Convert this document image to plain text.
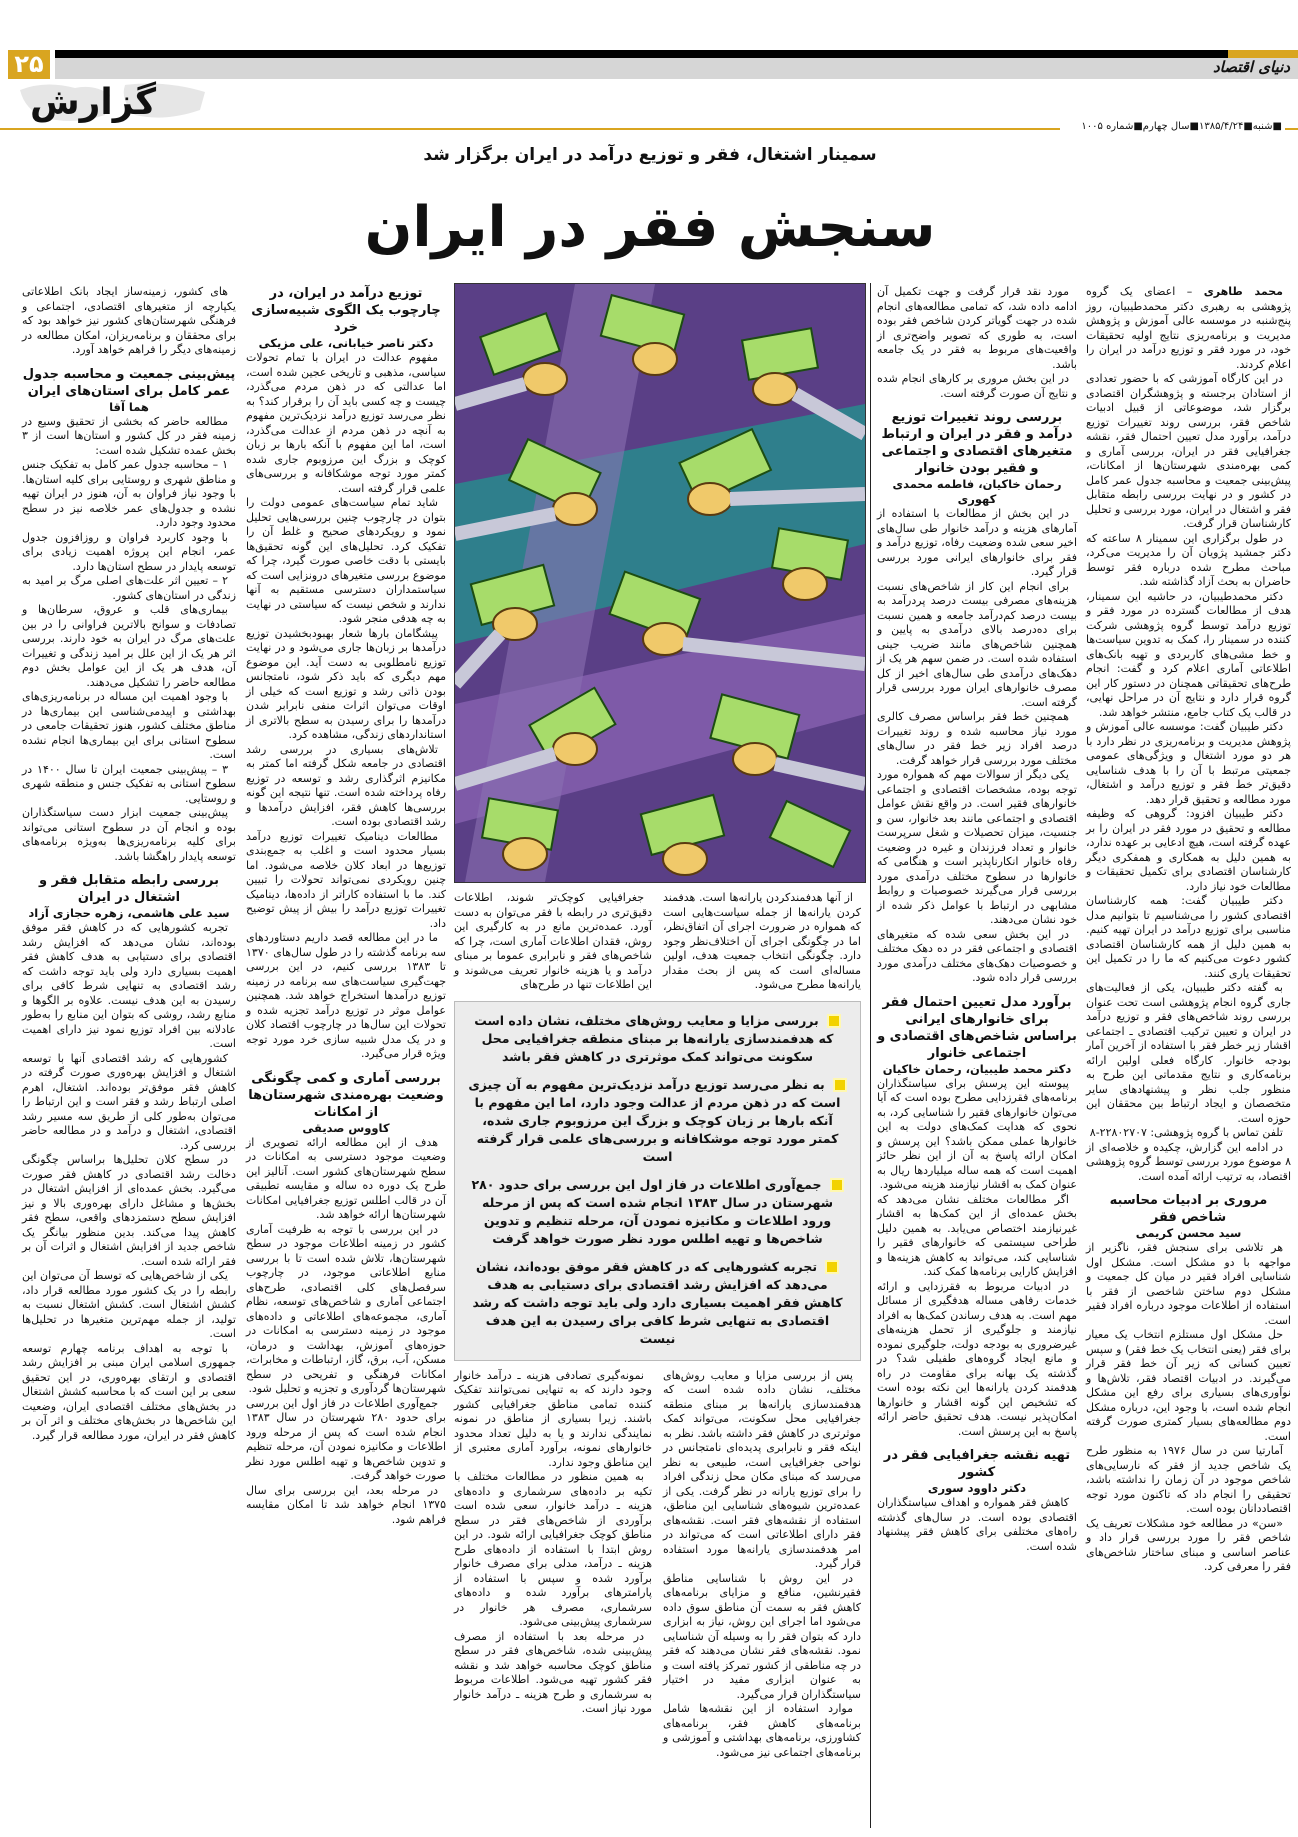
۲۵	دنیای اقتصاد
گزارش
■شنبه■۱۳۸۵/۴/۲۴■سال چهارم■شماره ۱۰۰۵
سمینار اشتغال، فقر و توزیع درآمد در ایران برگزار شد
سنجش فقر در ایران

محمد طاهری – اعضای یک گروه پژوهشی به رهبری دکتر محمدطیبیان، روز پنج‌شنبه در موسسه عالی آموزش و پژوهش مدیریت و برنامه‌ریزی نتایج اولیه تحقیقات خود، در مورد فقر و توزیع درآمد در ایران را اعلام کردند.

در این کارگاه آموزشی که با حضور تعدادی از استادان برجسته و پژوهشگران اقتصادی برگزار شد، موضوعاتی از قبیل ادبیات شاخص فقر، بررسی روند تغییرات توزیع درآمد، برآورد مدل تعیین احتمال فقر، نقشه جغرافیایی فقر در ایران، بررسی آماری و کمی بهره‌مندی شهرستان‌ها از امکانات، پیش‌بینی جمعیت و محاسبه جدول عمر کامل در کشور و در نهایت بررسی رابطه متقابل فقر و اشتغال در ایران، مورد بررسی و تحلیل کارشناسان قرار گرفت.

در طول برگزاری این سمینار ۸ ساعته که دکتر جمشید پژویان آن را مدیریت می‌کرد، مباحث مطرح شده درباره فقر توسط حاضران به بحث آزاد گذاشته شد.

دکتر محمدطیبیان، در حاشیه این سمینار، هدف از مطالعات گسترده در مورد فقر و توزیع درآمد توسط گروه پژوهشی شرکت کننده در سمینار را، کمک به تدوین سیاست‌ها و خط مشی‌های کاربردی و تهیه بانک‌های اطلاعاتی آماری اعلام کرد و گفت: انجام طرح‌های تحقیقاتی همچنان در دستور کار این گروه قرار دارد و نتایج آن در مراحل نهایی، در قالب یک کتاب جامع، منتشر خواهد شد.

دکتر طیبیان گفت: موسسه عالی آموزش و پژوهش مدیریت و برنامه‌ریزی در نظر دارد با هر دو مورد اشتغال و ویژگی‌های عمومی جمعیتی مرتبط با آن را با هدف شناسایی دقیق‌تر خط فقر و توزیع درآمد و اشتغال، مورد مطالعه و تحقیق قرار دهد.

دکتر طیبیان افزود: گروهی که وظیفه مطالعه و تحقیق در مورد فقر در ایران را بر عهده گرفته است، هیچ ادعایی بر عهده ندارد، به همین دلیل به همکاری و همفکری دیگر کارشناسان اقتصادی برای تکمیل تحقیقات و مطالعات خود نیاز دارد.

دکتر طیبیان گفت: همه کارشناسان اقتصادی کشور را می‌شناسیم تا بتوانیم مدل مناسبی برای توزیع درآمد در ایران تهیه کنیم. به همین دلیل از همه کارشناسان اقتصادی کشور دعوت می‌کنیم که ما را در تکمیل این تحقیقات یاری کنند.

به گفته دکتر طیبیان، یکی از فعالیت‌های جاری گروه انجام پژوهشی است تحت عنوان بررسی روند شاخص‌های فقر و توزیع درآمد در ایران و تعیین ترکیب اقتصادی ـ اجتماعی اقشار زیر خطر فقر با استفاده از آخرین آمار بودجه خانوار. کارگاه فعلی اولین ارائه برنامه‌کاری و نتایج مقدماتی این طرح به منظور جلب نظر و پیشنهادهای سایر متخصصان و ایجاد ارتباط بین محققان این حوزه است.

تلفن تماس با گروه پژوهشی: ۲۲۸۰۲۷۰۷-۸

در ادامه این گزارش، چکیده و خلاصه‌ای از ۸ موضوع مورد بررسی توسط گروه پژوهشی اقتصاد، به ترتیب ارائه آمده است.

مروری بر ادبیات محاسبه شاخص فقر

سید محسن کریمی

هر تلاشی برای سنجش فقر، ناگزیر از مواجهه با دو مشکل است. مشکل اول شناسایی افراد فقیر در میان کل جمعیت و مشکل دوم ساختن شاخصی از فقر با استفاده از اطلاعات موجود درباره افراد فقیر است.

حل مشکل اول مستلزم انتخاب یک معیار برای فقر (یعنی انتخاب یک خط فقر) و سپس تعیین کسانی که زیر آن خط فقر قرار می‌گیرند. در ادبیات اقتصاد فقر، تلاش‌ها و نوآوری‌های بسیاری برای رفع این مشکل انجام شده است، با وجود این، درباره مشکل دوم مطالعه‌های بسیار کمتری صورت گرفته است.

آمارتیا سن در سال ۱۹۷۶ به منظور طرح یک شاخص جدید از فقر که نارسایی‌های شاخص موجود در آن زمان را نداشته باشد، تحقیقی را انجام داد که تاکنون مورد توجه اقتصاددانان بوده است.

«سن» در مطالعه خود مشکلات تعریف یک شاخص فقر را مورد بررسی قرار داد و عناصر اساسی و مبنای ساختار شاخص‌های فقر را معرفی کرد.

مورد نقد قرار گرفت و جهت تکمیل آن ادامه داده شد، که تمامی مطالعه‌های انجام شده در جهت گویاتر کردن شاخص فقر بوده است، به طوری که تصویر واضح‌تری از واقعیت‌های مربوط به فقر در یک جامعه باشد.

در این بخش مروری بر کارهای انجام شده و نتایج آن صورت گرفته است.

بررسی روند تغییرات توزیع درآمد و فقر در ایران و ارتباط متغیرهای اقتصادی و اجتماعی و فقیر بودن خانوار

رحمان خاکیان، فاطمه محمدی کهوری

در این بخش از مطالعات با استفاده از آمارهای هزینه و درآمد خانوار طی سال‌های اخیر سعی شده وضعیت رفاه، توزیع درآمد و فقر برای خانوارهای ایرانی مورد بررسی قرار گیرد.

برای انجام این کار از شاخص‌های نسبت هزینه‌های مصرفی بیست درصد پردرآمد به بیست درصد کم‌درآمد جامعه و همین نسبت برای ده‌درصد بالای درآمدی به پایین و همچنین شاخص‌های مانند ضریب جینی استفاده شده است. در ضمن سهم هر یک از دهک‌های درآمدی طی سال‌های اخیر از کل مصرف خانوارهای ایران مورد بررسی قرار گرفته است.

همچنین خط فقر براساس مصرف کالری مورد نیاز محاسبه شده و روند تغییرات درصد افراد زیر خط فقر در سال‌های مختلف مورد بررسی قرار خواهد گرفت.

یکی دیگر از سوالات مهم که همواره مورد توجه بوده، مشخصات اقتصادی و اجتماعی خانوارهای فقیر است. در واقع نقش عوامل اقتصادی و اجتماعی مانند بعد خانوار، سن و جنسیت، میزان تحصیلات و شغل سرپرست خانوار و تعداد فرزندان و غیره در وضعیت رفاه خانوار انکارناپذیر است و هنگامی که خانوارها در سطوح مختلف درآمدی مورد بررسی قرار می‌گیرند خصوصیات و روابط مشابهی در ارتباط با عوامل ذکر شده از خود نشان می‌دهند.

در این بخش سعی شده که متغیرهای اقتصادی و اجتماعی فقر در ده دهک مختلف و خصوصیات دهک‌های مختلف درآمدی مورد بررسی قرار داده شود.

برآورد مدل تعیین احتمال فقر برای خانوارهای ایرانی براساس شاخص‌های اقتصادی و اجتماعی خانوار

دکتر محمد طیبیان، رحمان خاکیان

پیوسته این پرسش برای سیاستگذاران برنامه‌های فقرزدایی مطرح بوده است که آیا می‌توان خانوارهای فقیر را شناسایی کرد، به نحوی که هدایت کمک‌های دولت به این خانوارها عملی ممکن باشد؟ این پرسش و امکان ارائه پاسخ به آن از این نظر حائز اهمیت است که همه ساله میلیاردها ریال به عنوان کمک به اقشار نیازمند هزینه می‌شود.

اگر مطالعات مختلف نشان می‌دهد که بخش عمده‌ای از این کمک‌ها به اقشار غیرنیازمند اختصاص می‌یابد. به همین دلیل طراحی سیستمی که خانوارهای فقیر را شناسایی کند، می‌تواند به کاهش هزینه‌ها و افزایش کارایی برنامه‌ها کمک کند.

در ادبیات مربوط به فقرزدایی و ارائه خدمات رفاهی مساله هدفگیری از مسائل مهم است. به هدف رساندن کمک‌ها به افراد نیازمند و جلوگیری از تحمل هزینه‌های غیرضروری به بودجه دولت، جلوگیری نموده و مانع ایجاد گروه‌های طفیلی شد؟ در گذشته یک بهانه برای مقاومت در راه هدفمند کردن یارانه‌ها این نکته بوده است که تشخیص این گونه اقشار و خانوارها امکان‌پذیر نیست. هدف تحقیق حاضر ارائه پاسخ به این پرسش است.

تهیه نقشه جغرافیایی فقر در کشور

دکتر داوود سوری

کاهش فقر همواره و اهداف سیاستگذاران اقتصادی بوده است. در سال‌های گذشته راه‌های مختلفی برای کاهش فقر پیشنهاد شده است.

از آنها هدفمندکردن یارانه‌ها است. هدفمند کردن یارانه‌ها از جمله سیاست‌هایی است که همواره در ضرورت اجرای آن اتفاق‌نظر، اما در چگونگی اجرای آن اختلاف‌نظر وجود دارد. چگونگی انتخاب جمعیت هدف، اولین مساله‌ای است که پس از بحث مقدار یارانه‌ها مطرح می‌شود.

جغرافیایی کوچک‌تر شوند، اطلاعات دقیق‌تری در رابطه با فقر می‌توان به دست آورد. عمده‌ترین مانع در به کارگیری این روش، فقدان اطلاعات آماری است، چرا که شاخص‌های فقر و نابرابری عموما بر مبنای درآمد و یا هزینه خانوار تعریف می‌شوند و این اطلاعات تنها در طرح‌های

بررسی مزایا و معایب روش‌های مختلف، نشان داده است که هدفمندسازی یارانه‌ها بر مبنای منطقه جغرافیایی محل سکونت می‌تواند کمک موثرتری در کاهش فقر باشد
به نظر می‌رسد توزیع درآمد نزدیک‌ترین مفهوم به آن چیزی است که در ذهن مردم از عدالت وجود دارد، اما این مفهوم با آنکه بارها بر زبان کوچک و بزرگ این مرزوبوم جاری شده، کمتر مورد توجه موشکافانه و بررسی‌های علمی قرار گرفته است
جمع‌آوری اطلاعات در فاز اول این بررسی برای حدود ۲۸۰ شهرستان در سال ۱۳۸۳ انجام شده است که پس از مرحله ورود اطلاعات و مکانیزه نمودن آن، مرحله تنظیم و تدوین شاخص‌ها و تهیه اطلس مورد نظر صورت خواهد گرفت
تجربه کشورهایی که در کاهش فقر موفق بوده‌اند، نشان می‌دهد که افزایش رشد اقتصادی برای دستیابی به هدف کاهش فقر اهمیت بسیاری دارد ولی باید توجه داشت که رشد اقتصادی به تنهایی شرط کافی برای رسیدن به این هدف نیست

پس از بررسی مزایا و معایب روش‌های مختلف، نشان داده شده است که هدفمندسازی یارانه‌ها بر مبنای منطقه جغرافیایی محل سکونت، می‌تواند کمک موثرتری در کاهش فقر داشته باشد. نظر به اینکه فقر و نابرابری پدیده‌ای نامتجانس در نواحی جغرافیایی است، طبیعی به نظر می‌رسد که مبنای مکان محل زندگی افراد را برای توزیع یارانه در نظر گرفت. یکی از عمده‌ترین شیوه‌های شناسایی این مناطق، استفاده از نقشه‌های فقر است. نقشه‌های فقر دارای اطلاعاتی است که می‌تواند در امر هدفمندسازی یارانه‌ها مورد استفاده قرار گیرد.

در این روش با شناسایی مناطق فقیرنشین، منافع و مزایای برنامه‌های کاهش فقر به سمت آن مناطق سوق داده می‌شود اما اجرای این روش، نیاز به ابزاری دارد که بتوان فقر را به وسیله آن شناسایی نمود. نقشه‌های فقر نشان می‌دهند که فقر در چه مناطقی از کشور تمرکز یافته است و به عنوان ابزاری مفید در اختیار سیاستگذاران قرار می‌گیرد.

موارد استفاده از این نقشه‌ها شامل برنامه‌های کاهش فقر، برنامه‌های کشاورزی، برنامه‌های بهداشتی و آموزشی و برنامه‌های اجتماعی نیز می‌شود.

نمونه‌گیری تصادفی هزینه ـ درآمد خانوار وجود دارند که به تنهایی نمی‌توانند تفکیک کننده تمامی مناطق جغرافیایی کشور باشند. زیرا بسیاری از مناطق در نمونه نمایندگی ندارند و یا به دلیل تعداد محدود خانوارهای نمونه، برآورد آماری معتبری از این مناطق وجود ندارد.

به همین منظور در مطالعات مختلف با تکیه بر داده‌های سرشماری و داده‌های هزینه ـ درآمد خانوار، سعی شده است برآوردی از شاخص‌های فقر در سطح مناطق کوچک جغرافیایی ارائه شود. در این روش ابتدا با استفاده از داده‌های طرح هزینه ـ درآمد، مدلی برای مصرف خانوار برآورد شده و سپس با استفاده از پارامترهای برآورد شده و داده‌های سرشماری، مصرف هر خانوار در سرشماری پیش‌بینی می‌شود.

در مرحله بعد با استفاده از مصرف پیش‌بینی شده، شاخص‌های فقر در سطح مناطق کوچک محاسبه خواهد شد و نقشه فقر کشور تهیه می‌شود. اطلاعات مربوط به سرشماری و طرح هزینه ـ درآمد خانوار مورد نیاز است.

توزیع درآمد در ایران، در چارچوب یک الگوی شبیه‌سازی خرد

دکتر ناصر خیابانی، علی مزیکی

مفهوم عدالت در ایران با تمام تحولات سیاسی، مذهبی و تاریخی عجین شده است، اما عدالتی که در ذهن مردم می‌گذرد، چیست و چه کسی باید آن را برقرار کند؟ به نظر می‌رسد توزیع درآمد نزدیک‌ترین مفهوم به آنچه در ذهن مردم از عدالت می‌گذرد، است، اما این مفهوم با آنکه بارها بر زبان کوچک و بزرگ این مرزوبوم جاری شده کمتر مورد توجه موشکافانه و بررسی‌های علمی قرار گرفته است.

شاید تمام سیاست‌های عمومی دولت را بتوان در چارچوب چنین بررسی‌هایی تحلیل نمود و رویکردهای صحیح و غلط آن را تفکیک کرد. تحلیل‌های این گونه تحقیق‌ها بایستی با دقت خاصی صورت گیرد، چرا که موضوع بررسی متغیرهای درونزایی است که سیاستمداران دسترسی مستقیم به آنها ندارند و شخص نیست که سیاستی در نهایت به چه هدفی منجر شود.

پیشگامان بارها شعار بهبودبخشیدن توزیع درآمدها بر زبان‌ها جاری می‌شود و در نهایت توزیع نامطلوبی به دست آید. این موضوع مهم دیگری که باید ذکر شود، نامتجانس بودن ذاتی رشد و توزیع است که خیلی از اوقات می‌توان اثرات منفی نابرابر شدن درآمدها را برای رسیدن به سطح بالاتری از استانداردهای زندگی، مشاهده کرد.

تلاش‌های بسیاری در بررسی رشد اقتصادی در جامعه شکل گرفته اما کمتر به مکانیزم اثرگذاری رشد و توسعه در توزیع رفاه پرداخته شده است. تنها نتیجه این گونه بررسی‌ها کاهش فقر، افزایش درآمدها و رشد اقتصادی بوده است.

مطالعات دینامیک تغییرات توزیع درآمد بسیار محدود است و اغلب به جمع‌بندی توزیع‌ها در ابعاد کلان خلاصه می‌شود. اما چنین رویکردی نمی‌تواند تحولات را تبیین کند. ما با استفاده کاراتر از داده‌ها، دینامیک تغییرات توزیع درآمد را بیش از پیش توضیح داد.

ما در این مطالعه قصد داریم دستاوردهای سه برنامه گذشته را در طول سال‌های ۱۳۷۰ تا ۱۳۸۳ بررسی کنیم، در این بررسی جهت‌گیری سیاست‌های سه برنامه در زمینه توزیع درآمدها استخراج خواهد شد. همچنین عوامل موثر در توزیع درآمد تجزیه شده و تحولات این سال‌ها در چارچوب اقتصاد کلان و در یک مدل شبیه سازی خرد مورد توجه ویژه قرار می‌گیرد.

بررسی آماری و کمی چگونگی وضعیت بهره‌مندی شهرستان‌ها از امکانات

کاووس صدیقی

هدف از این مطالعه ارائه تصویری از وضعیت موجود دسترسی به امکانات در سطح شهرستان‌های کشور است. آنالیز این طرح یک دوره ده ساله و مقایسه تطبیقی آن در قالب اطلس توزیع جغرافیایی امکانات شهرستان‌ها ارائه خواهد شد.

در این بررسی با توجه به ظرفیت آماری کشور در زمینه اطلاعات موجود در سطح شهرستان‌ها، تلاش شده است تا با بررسی منابع اطلاعاتی موجود، در چارچوب سرفصل‌های کلی اقتصادی، طرح‌های اجتماعی آماری و شاخص‌های توسعه، نظام آماری، مجموعه‌های اطلاعاتی و داده‌های موجود در زمینه دسترسی به امکانات در حوزه‌های آموزش، بهداشت و درمان، مسکن، آب، برق، گاز، ارتباطات و مخابرات، امکانات فرهنگی و تفریحی در سطح شهرستان‌ها گردآوری و تجزیه و تحلیل شود.

جمع‌آوری اطلاعات در فاز اول این بررسی برای حدود ۲۸۰ شهرستان در سال ۱۳۸۳ انجام شده است که پس از مرحله ورود اطلاعات و مکانیزه نمودن آن، مرحله تنظیم و تدوین شاخص‌ها و تهیه اطلس مورد نظر صورت خواهد گرفت.

در مرحله بعد، این بررسی برای سال ۱۳۷۵ انجام خواهد شد تا امکان مقایسه فراهم شود.

های کشور، زمینه‌ساز ایجاد بانک اطلاعاتی یکپارچه از متغیرهای اقتصادی، اجتماعی و فرهنگی شهرستان‌های کشور نیز خواهد بود که برای محققان و برنامه‌ریزان، امکان مطالعه در زمینه‌های دیگر را فراهم خواهد آورد.

پیش‌بینی جمعیت و محاسبه جدول عمر کامل برای استان‌های ایران

هما آقا

مطالعه حاضر که بخشی از تحقیق وسیع در زمینه فقر در کل کشور و استان‌ها است از ۳ بخش عمده تشکیل شده است:

۱ – محاسبه جدول عمر کامل به تفکیک جنس و مناطق شهری و روستایی برای کلیه استان‌ها. با وجود نیاز فراوان به آن، هنوز در ایران تهیه نشده و جدول‌های عمر خلاصه نیز در سطح محدود وجود دارد.

با وجود کاربرد فراوان و روزافزون جدول عمر، انجام این پروژه اهمیت زیادی برای توسعه پایدار در سطح استان‌ها دارد.

۲ – تعیین اثر علت‌های اصلی مرگ بر امید به زندگی در استان‌های کشور.

بیماری‌های قلب و عروق، سرطان‌ها و تصادفات و سوانح بالاترین فراوانی را در بین علت‌های مرگ در ایران به خود دارند. بررسی اثر هر یک از این علل بر امید زندگی و تغییرات آن، هدف هر یک از این عوامل بخش دوم مطالعه حاضر را تشکیل می‌دهند.

با وجود اهمیت این مساله در برنامه‌ریزی‌های بهداشتی و اپیدمی‌شناسی این بیماری‌ها در مناطق مختلف کشور، هنوز تحقیقات جامعی در سطوح استانی برای این بیماری‌ها انجام نشده است.

۳ – پیش‌بینی جمعیت ایران تا سال ۱۴۰۰ در سطوح استانی به تفکیک جنس و منطقه شهری و روستایی.

پیش‌بینی جمعیت ابزار دست سیاستگذاران بوده و انجام آن در سطوح استانی می‌تواند برای کلیه برنامه‌ریزی‌ها به‌ویژه برنامه‌های توسعه پایدار راهگشا باشد.

بررسی رابطه متقابل فقر و اشتغال در ایران

سید علی هاشمی، زهره حجازی آزاد

تجربه کشورهایی که در کاهش فقر موفق بوده‌اند، نشان می‌دهد که افزایش رشد اقتصادی برای دستیابی به هدف کاهش فقر اهمیت بسیاری دارد ولی باید توجه داشت که رشد اقتصادی به تنهایی شرط کافی برای رسیدن به این هدف نیست. علاوه بر الگوها و منابع رشد، روشی که بتوان این منابع را به‌طور عادلانه بین افراد توزیع نمود نیز دارای اهمیت است.

کشورهایی که رشد اقتصادی آنها با توسعه اشتغال و افزایش بهره‌وری صورت گرفته در کاهش فقر موفق‌تر بوده‌اند. اشتغال، اهرم اصلی ارتباط رشد و فقر است و این ارتباط را می‌توان به‌طور کلی از طریق سه مسیر رشد اقتصادی، اشتغال و درآمد و در مطالعه حاضر بررسی کرد.

در سطح کلان تحلیل‌ها براساس چگونگی دخالت رشد اقتصادی در کاهش فقر صورت می‌گیرد. بخش عمده‌ای از افزایش اشتغال در بخش‌ها و مشاغل دارای بهره‌وری بالا و نیز افزایش سطح دستمزدهای واقعی، سطح فقر کاهش پیدا می‌کند. بدین منظور بیانگر یک شاخص جدید از افزایش اشتغال و اثرات آن بر فقر ارائه شده است.

یکی از شاخص‌هایی که توسط آن می‌توان این رابطه را در یک کشور مورد مطالعه قرار داد، کشش اشتغال است. کشش اشتغال نسبت به تولید، از جمله مهم‌ترین متغیرها در تحلیل‌ها است.

با توجه به اهداف برنامه چهارم توسعه جمهوری اسلامی ایران مبنی بر افزایش رشد اقتصادی و ارتقای بهره‌وری، در این تحقیق سعی بر این است که با محاسبه کشش اشتغال در بخش‌های مختلف اقتصادی ایران، وضعیت این شاخص‌ها در بخش‌های مختلف و اثر آن بر کاهش فقر در ایران، مورد مطالعه قرار گیرد.
